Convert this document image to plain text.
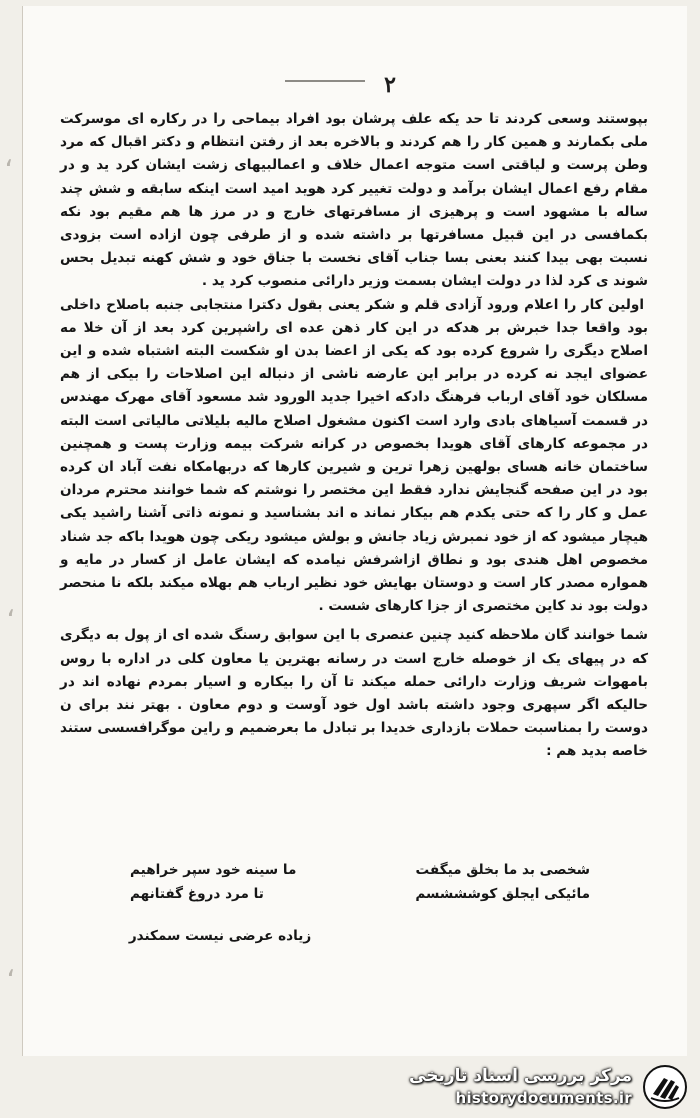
،
،
،
۲

بپوستند وسعی کردند تا حد یکه علف پرشان بود افراد بیماحی را در رکاره ای موسرکت ملی بکمارند و همین کار را هم کردند و بالاخره بعد از رفتن انتظام و دکتر اقبال که مرد وطن پرست و لیاقتی است متوجه اعمال خلاف و اعمالبیهای زشت ایشان کرد ید و در مقام رفع اعمال ایشان برآمد و دولت تغییر کرد هوید امید است اینکه سابقه و شش چند ساله با مشهود است و پرهیزی از مسافرتهای خارج و در مرز ها هم مقیم بود نکه بکمافسی در این قبیل مسافرتها بر داشته شده و از طرفی چون ازاده است بزودی نسبت بهی بیدا کنند بعنی بسا جناب آقای نخست با جناق خود و شش کهنه تبدیل بحس شوند ی کرد لذا در دولت ایشان بسمت وزیر دارائی منصوب کرد ید .

اولین کار را اعلام ورود آزادی قلم و شکر یعنی بقول دکترا منتجابی جنبه باصلاح داخلی بود واقعا جدا خبرش بر هدکه در این کار ذهن عده ای راشپرین کرد بعد از آن خلا مه اصلاح دیگری را شروع کرده بود که یکی از اعضا بدن او شکست البته اشتباه شده و این عضوای ایجد نه کرده در برابر این عارضه ناشی از دنباله این اصلاحات را بیکی از هم مسلکان خود آقای ارباب فرهنگ دادکه اخیرا جدید الورود شد مسعود آقای مهرک مهندس در قسمت آسیاهای بادی وارد است اکنون مشغول اصلاح مالیه بلیلاتی مالیاتی است البته در مجموعه کارهای آقای هویدا بخصوص در کرانه شرکت بیمه وزارت پست و همچنین ساختمان خانه هسای بولهین زهرا ترین و شیرین کارها که دربهامکاه نفت آباد ان کرده بود در این صفحه گنجایش ندارد فقط این مختصر را نوشتم که شما خوانند محترم مردان عمل و کار را که حتی یکدم هم بیکار نماند ه اند بشناسید و نمونه ذاتی آشنا راشید یکی هیچار میشود که از خود نمبرش زیاد جانش و بولش میشود ریکی چون هویدا باکه جد شناد مخصوص اهل هندی بود و نطاق ازاشرفش نیامده که ایشان عامل از کسار در مایه و همواره مصدر کار است و دوستان بهایش خود نظیر ارباب هم بهلاه میکند بلکه نا منحصر دولت بود ند کاین مختصری از جزا کارهای شست .

شما خوانند گان ملاحظه کنید چنین عنصری با این سوابق رسنگ شده ای از پول به دیگری که در پیهای یک از خوصله خارج است در رسانه بهترین یا معاون کلی در اداره با روس بامهوات شریف وزارت دارائی حمله میکند تا آن را بیکاره و اسیار بمردم نهاده اند در حالیکه اگر سپهری وجود داشته باشد اول خود آوست و دوم معاون . بهتر نند برای ن دوست را بمناسبت حملات بازداری خدیدا بر تبادل ما بعرضمیم و راین موگرافسسی ستند خاصه بدید هم :

شخصی بد ما بخلق میگفت
ما سینه خود سپر خراهیم
مائیکی ایجلق کوشششسم
تا مرد دروغ گفتانهم
زیاده عرضی نیست سمکندر
مرکز بررسی اسناد تاریخی
historydocuments.ir
